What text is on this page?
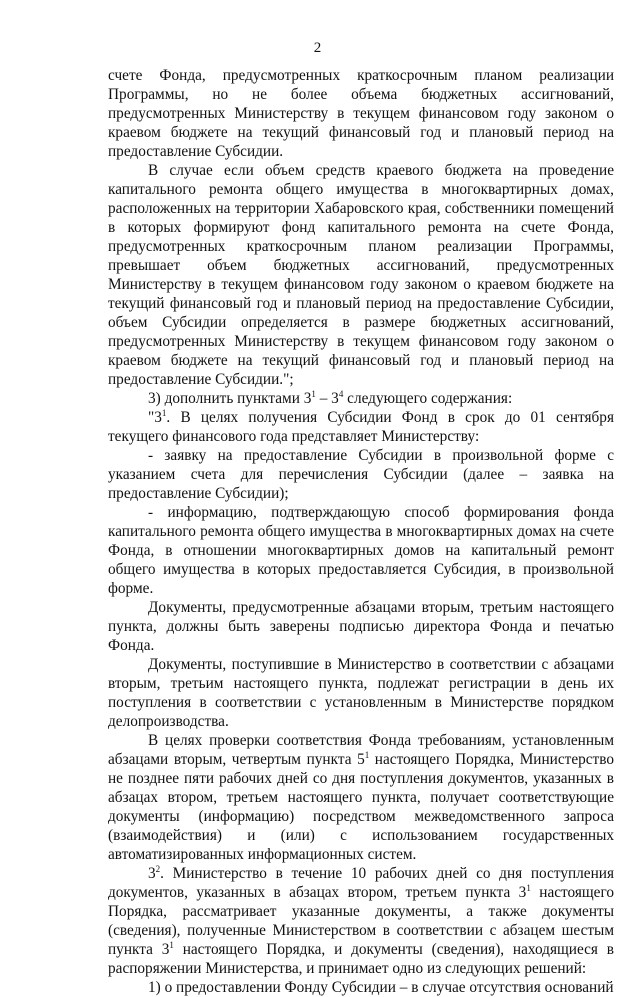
2

счете Фонда, предусмотренных краткосрочным планом реализации Программы, но не более объема бюджетных ассигнований, предусмотренных Министерству в текущем финансовом году законом о краевом бюджете на текущий финансовый год и плановый период на предоставление Субсидии.

В случае если объем средств краевого бюджета на проведение капитального ремонта общего имущества в многоквартирных домах, расположенных на территории Хабаровского края, собственники помещений в которых формируют фонд капитального ремонта на счете Фонда, предусмотренных краткосрочным планом реализации Программы, превышает объем бюджетных ассигнований, предусмотренных Министерству в текущем финансовом году законом о краевом бюджете на текущий финансовый год и плановый период на предоставление Субсидии, объем Субсидии определяется в размере бюджетных ассигнований, предусмотренных Министерству в текущем финансовом году законом о краевом бюджете на текущий финансовый год и плановый период на предоставление Субсидии.";

3) дополнить пунктами $3^1 - 3^4$ следующего содержания:

"$3^1$. В целях получения Субсидии Фонд в срок до 01 сентября текущего финансового года представляет Министерству:

- заявку на предоставление Субсидии в произвольной форме с указанием счета для перечисления Субсидии (далее – заявка на предоставление Субсидии);

- информацию, подтверждающую способ формирования фонда капитального ремонта общего имущества в многоквартирных домах на счете Фонда, в отношении многоквартирных домов на капитальный ремонт общего имущества в которых предоставляется Субсидия, в произвольной форме.

Документы, предусмотренные абзацами вторым, третьим настоящего пункта, должны быть заверены подписью директора Фонда и печатью Фонда.

Документы, поступившие в Министерство в соответствии с абзацами вторым, третьим настоящего пункта, подлежат регистрации в день их поступления в соответствии с установленным в Министерстве порядком делопроизводства.

В целях проверки соответствия Фонда требованиям, установленным абзацами вторым, четвертым пункта $5^1$ настоящего Порядка, Министерство не позднее пяти рабочих дней со дня поступления документов, указанных в абзацах втором, третьем настоящего пункта, получает соответствующие документы (информацию) посредством межведомственного запроса (взаимодействия) и (или) с использованием государственных автоматизированных информационных систем.

$3^2$. Министерство в течение 10 рабочих дней со дня поступления документов, указанных в абзацах втором, третьем пункта $3^1$ настоящего Порядка, рассматривает указанные документы, а также документы (сведения), полученные Министерством в соответствии с абзацем шестым пункта $3^1$ настоящего Порядка, и документы (сведения), находящиеся в распоряжении Министерства, и принимает одно из следующих решений:

1) о предоставлении Фонду Субсидии – в случае отсутствия оснований
